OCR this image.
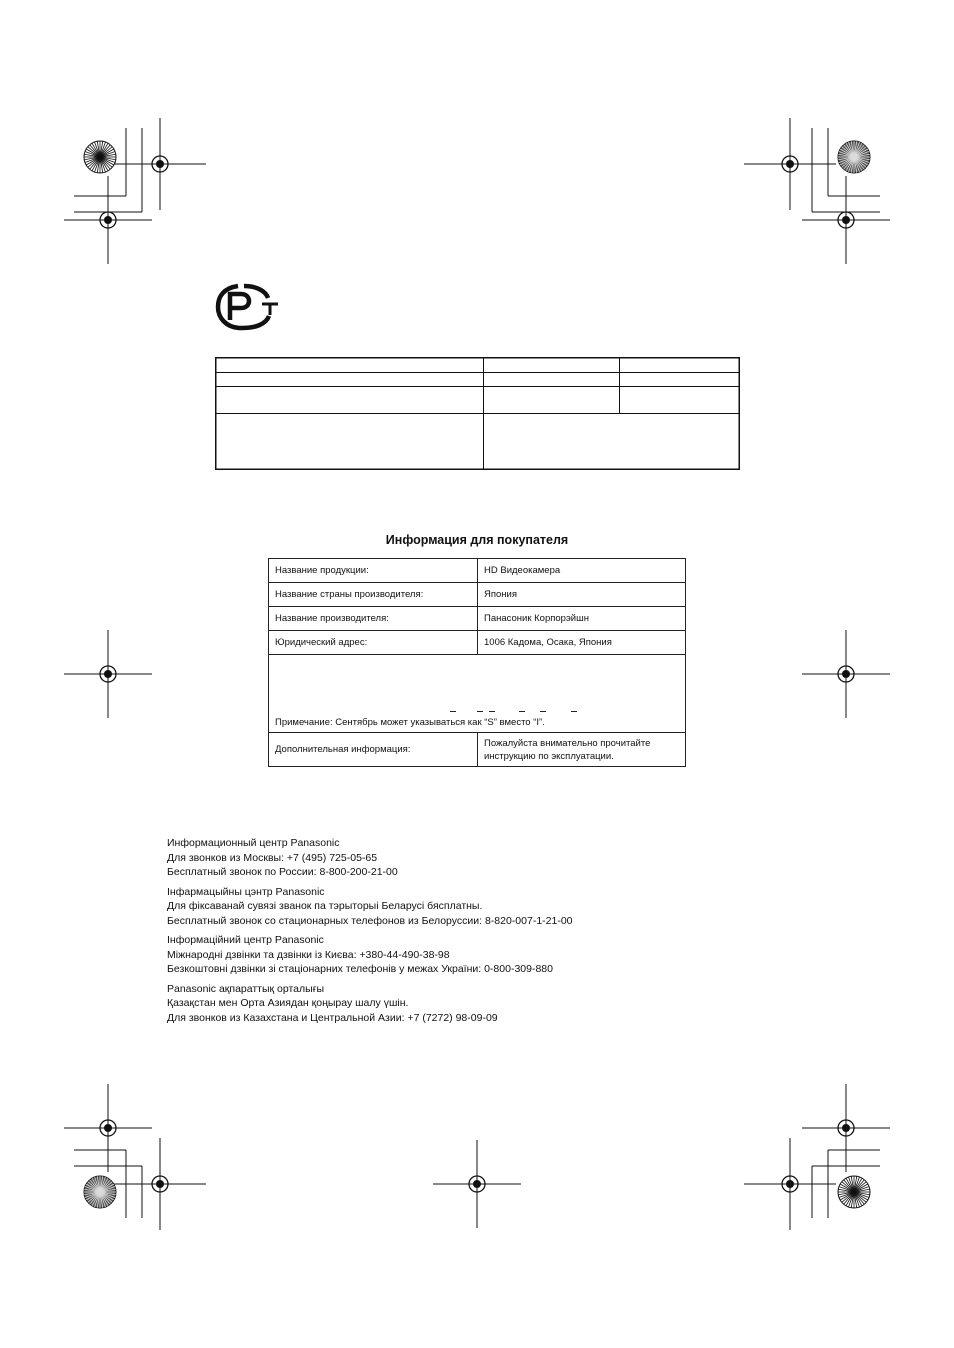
Информация для покупателя
Название продукции:	HD Видеокамера
Название страны производителя:	Япония
Название производителя:	Панасоник Корпорэйшн
Юридический адрес:	1006 Кадома, Осака, Япония

Примечание: Сентябрь может указываться как “S” вместо “I”.	
Дополнительная информация:	Пожалуйста внимательно прочитайте
инструкцию по эксплуатации.
Информационный центр Panasonic
Для звонков из Москвы: +7 (495) 725-05-65
Бесплатный звонок по России: 8-800-200-21-00
Інфармацыйны цэнтр Panasonic
Для фіксаванай сувязі званок па тэрыторыі Беларусі бясплатны.
Бесплатный звонок со стационарных телефонов из Белоруссии: 8-820-007-1-21-00
Інформаційний центр Panasonic
Міжнародні дзвінки та дзвінки із Києва: +380-44-490-38-98
Безкоштовні дзвінки зі стаціонарних телефонів у межах України: 0-800-309-880
Panasonic ақпараттық орталығы
Қазақстан мен Орта Азиядан қоңырау шалу үшін.
Для звонков из Казахстана и Центральной Азии: +7 (7272) 98-09-09
